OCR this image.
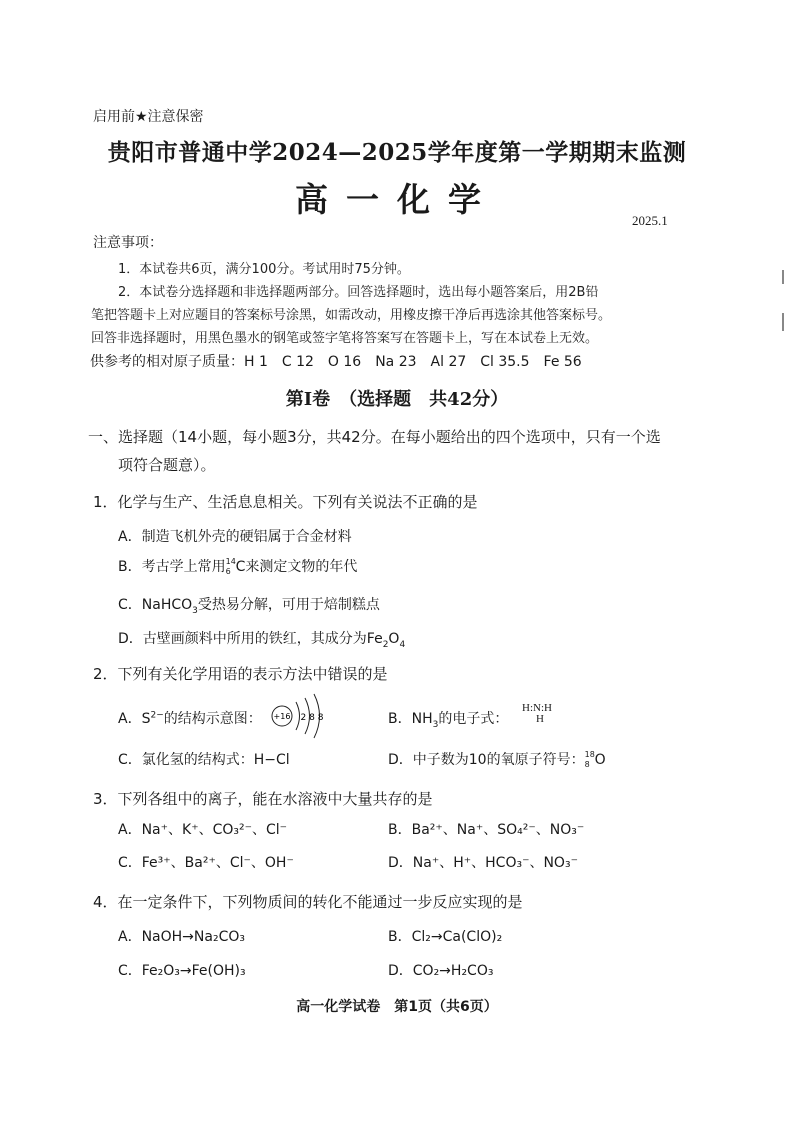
启用前★注意保密
贵阳市普通中学2024—2025学年度第一学期期末监测
高一化学
2025.1
注意事项：
1．本试卷共6页，满分100分。考试用时75分钟。
2．本试卷分选择题和非选择题两部分。回答选择题时，选出每小题答案后，用2B铅
笔把答题卡上对应题目的答案标号涂黑，如需改动，用橡皮擦干净后再选涂其他答案标号。
回答非选择题时，用黑色墨水的钢笔或签字笔将答案写在答题卡上，写在本试卷上无效。
供参考的相对原子质量：H 1　C 12　O 16　Na 23　Al 27　Cl 35.5　Fe 56
第Ⅰ卷　（选择题　共42分）
一、选择题（14小题，每小题3分，共42分。在每小题给出的四个选项中，只有一个选
项符合题意）。
1．化学与生产、生活息息相关。下列有关说法不正确的是
A．制造飞机外壳的硬铝属于合金材料
B．考古学上常用 14
6 C来测定文物的年代
C．NaHCO$_3$受热易分解，可用于焙制糕点
D．古壁画颜料中所用的铁红，其成分为$Fe_2O_4$
2．下列有关化学用语的表示方法中错误的是
A．$S^{2-}$的结构示意图： +16 2 8 8	B．$NH_3$的电子式：
H:N:H
H
C．氯化氢的结构式：H−Cl	D．中子数为10的氧原子符号： 18
8 O
3．下列各组中的离子，能在水溶液中大量共存的是
A．Na⁺、K⁺、CO₃²⁻、Cl⁻	B．Ba²⁺、Na⁺、SO₄²⁻、NO₃⁻
C．Fe³⁺、Ba²⁺、Cl⁻、OH⁻	D．Na⁺、H⁺、HCO₃⁻、NO₃⁻
4．在一定条件下，下列物质间的转化不能通过一步反应实现的是
A．NaOH→Na₂CO₃	B．Cl₂→Ca(ClO)₂
C．Fe₂O₃→Fe(OH)₃	D．CO₂→H₂CO₃
高一化学试卷　第1页（共6页）
